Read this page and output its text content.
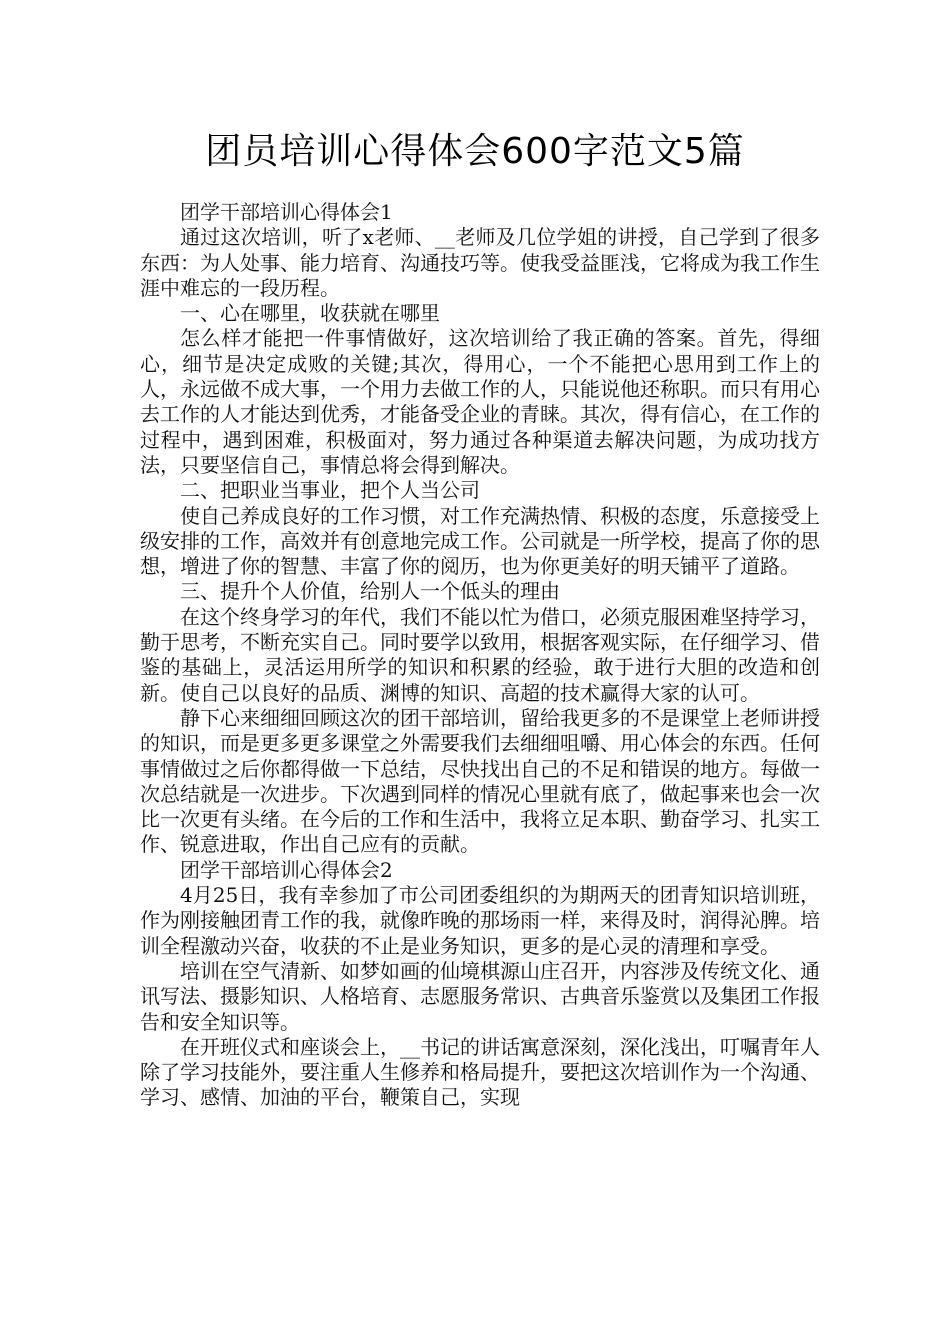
团员培训心得体会600字范文5篇

团学干部培训心得体会1

通过这次培训，听了x老师、__老师及几位学姐的讲授，自己学到了很多东西：为人处事、能力培育、沟通技巧等。使我受益匪浅，它将成为我工作生涯中难忘的一段历程。

一、心在哪里，收获就在哪里

怎么样才能把一件事情做好，这次培训给了我正确的答案。首先，得细心，细节是决定成败的关键;其次，得用心，一个不能把心思用到工作上的人，永远做不成大事，一个用力去做工作的人，只能说他还称职。而只有用心去工作的人才能达到优秀，才能备受企业的青睐。其次，得有信心，在工作的过程中，遇到困难，积极面对，努力通过各种渠道去解决问题，为成功找方法，只要坚信自己，事情总将会得到解决。

二、把职业当事业，把个人当公司

使自己养成良好的工作习惯，对工作充满热情、积极的态度，乐意接受上级安排的工作，高效并有创意地完成工作。公司就是一所学校，提高了你的思想，增进了你的智慧、丰富了你的阅历，也为你更美好的明天铺平了道路。

三、提升个人价值，给别人一个低头的理由

在这个终身学习的年代，我们不能以忙为借口，必须克服困难坚持学习，勤于思考，不断充实自己。同时要学以致用，根据客观实际，在仔细学习、借鉴的基础上，灵活运用所学的知识和积累的经验，敢于进行大胆的改造和创新。使自己以良好的品质、渊博的知识、高超的技术赢得大家的认可。

静下心来细细回顾这次的团干部培训，留给我更多的不是课堂上老师讲授的知识，而是更多更多课堂之外需要我们去细细咀嚼、用心体会的东西。任何事情做过之后你都得做一下总结，尽快找出自己的不足和错误的地方。每做一次总结就是一次进步。下次遇到同样的情况心里就有底了，做起事来也会一次比一次更有头绪。在今后的工作和生活中，我将立足本职、勤奋学习、扎实工作、锐意进取，作出自己应有的贡献。

团学干部培训心得体会2

4月25日，我有幸参加了市公司团委组织的为期两天的团青知识培训班，作为刚接触团青工作的我，就像昨晚的那场雨一样，来得及时，润得沁脾。培训全程激动兴奋，收获的不止是业务知识，更多的是心灵的清理和享受。

培训在空气清新、如梦如画的仙境棋源山庄召开，内容涉及传统文化、通讯写法、摄影知识、人格培育、志愿服务常识、古典音乐鉴赏以及集团工作报告和安全知识等。

在开班仪式和座谈会上，__书记的讲话寓意深刻，深化浅出，叮嘱青年人除了学习技能外，要注重人生修养和格局提升，要把这次培训作为一个沟通、学习、感情、加油的平台，鞭策自己，实现
